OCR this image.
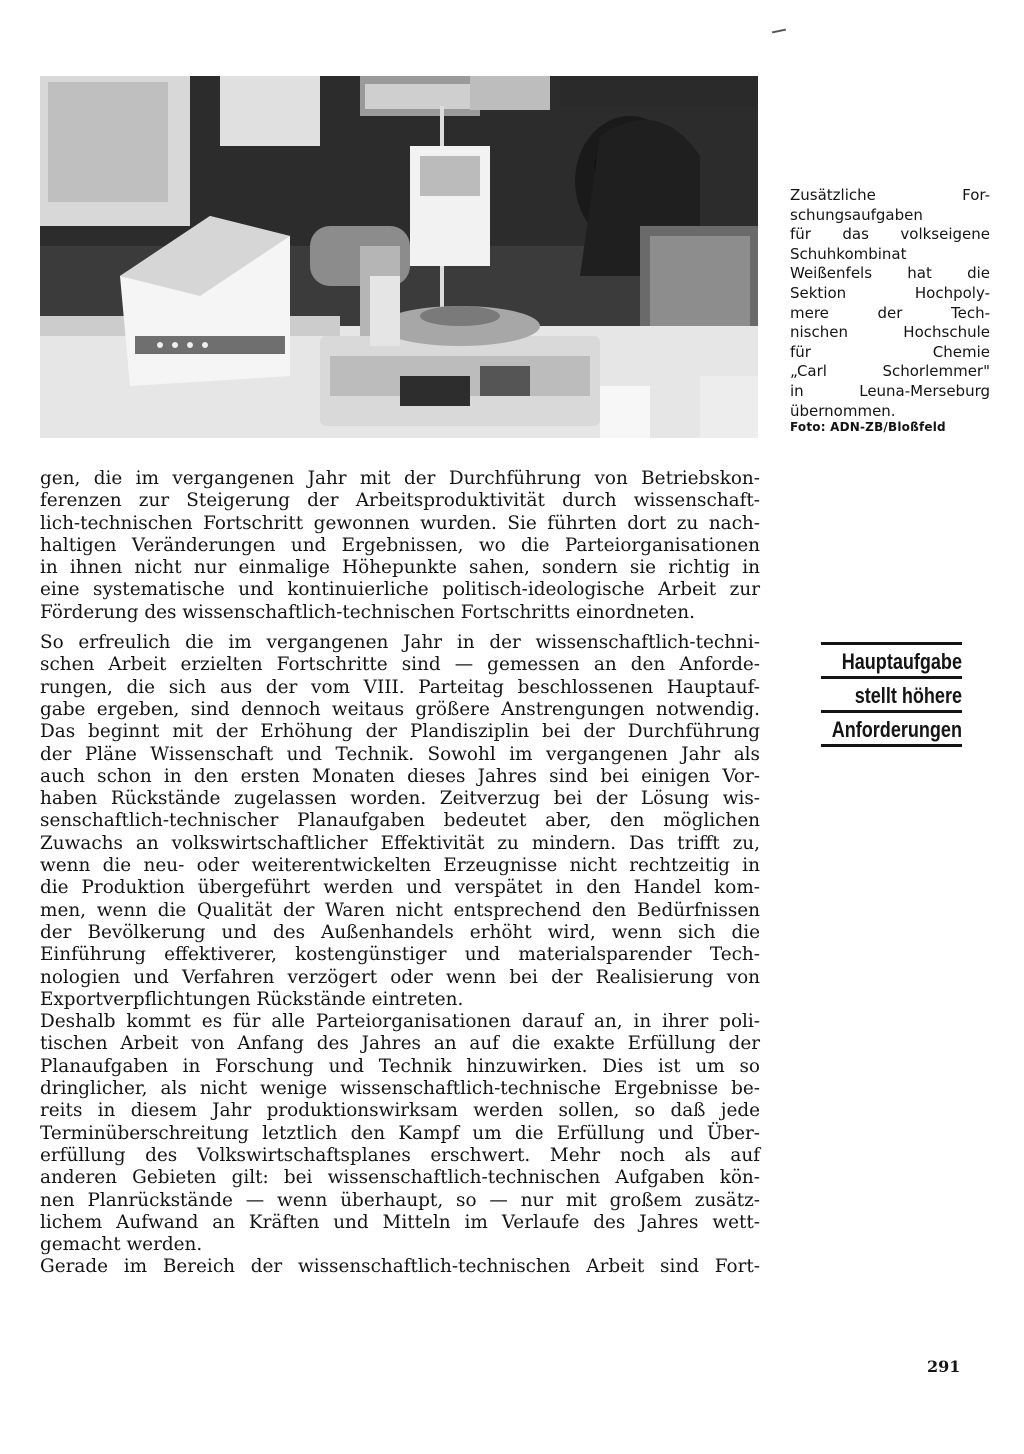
Zusätzliche For-
schungsaufgaben
für das volkseigene
Schuhkombinat
Weißenfels hat die
Sektion Hochpoly-
mere der Tech-
nischen Hochschule
für Chemie
„Carl Schorlemmer"
in Leuna-Merseburg
übernommen.
Foto: ADN-ZB/Bloßfeld
Hauptaufgabe
stellt höhere
Anforderungen

gen, die im vergangenen Jahr mit der Durchführung von Betriebskon-
ferenzen zur Steigerung der Arbeitsproduktivität durch wissenschaft-
lich-technischen Fortschritt gewonnen wurden. Sie führten dort zu nach-
haltigen Veränderungen und Ergebnissen, wo die Parteiorganisationen
in ihnen nicht nur einmalige Höhepunkte sahen, sondern sie richtig in
eine systematische und kontinuierliche politisch-ideologische Arbeit zur
Förderung des wissenschaftlich-technischen Fortschritts einordneten.

So erfreulich die im vergangenen Jahr in der wissenschaftlich-techni-
schen Arbeit erzielten Fortschritte sind — gemessen an den Anforde-
rungen, die sich aus der vom VIII. Parteitag beschlossenen Hauptauf-
gabe ergeben, sind dennoch weitaus größere Anstrengungen notwendig.
Das beginnt mit der Erhöhung der Plandisziplin bei der Durchführung
der Pläne Wissenschaft und Technik. Sowohl im vergangenen Jahr als
auch schon in den ersten Monaten dieses Jahres sind bei einigen Vor-
haben Rückstände zugelassen worden. Zeitverzug bei der Lösung wis-
senschaftlich-technischer Planaufgaben bedeutet aber, den möglichen
Zuwachs an volkswirtschaftlicher Effektivität zu mindern. Das trifft zu,
wenn die neu- oder weiterentwickelten Erzeugnisse nicht rechtzeitig in
die Produktion übergeführt werden und verspätet in den Handel kom-
men, wenn die Qualität der Waren nicht entsprechend den Bedürfnissen
der Bevölkerung und des Außenhandels erhöht wird, wenn sich die
Einführung effektiverer, kostengünstiger und materialsparender Tech-
nologien und Verfahren verzögert oder wenn bei der Realisierung von
Exportverpflichtungen Rückstände eintreten.

Deshalb kommt es für alle Parteiorganisationen darauf an, in ihrer poli-
tischen Arbeit von Anfang des Jahres an auf die exakte Erfüllung der
Planaufgaben in Forschung und Technik hinzuwirken. Dies ist um so
dringlicher, als nicht wenige wissenschaftlich-technische Ergebnisse be-
reits in diesem Jahr produktionswirksam werden sollen, so daß jede
Terminüberschreitung letztlich den Kampf um die Erfüllung und Über-
erfüllung des Volkswirtschaftsplanes erschwert. Mehr noch als auf
anderen Gebieten gilt: bei wissenschaftlich-technischen Aufgaben kön-
nen Planrückstände — wenn überhaupt, so — nur mit großem zusätz-
lichem Aufwand an Kräften und Mitteln im Verlaufe des Jahres wett-
gemacht werden.

Gerade im Bereich der wissenschaftlich-technischen Arbeit sind Fort-

291
